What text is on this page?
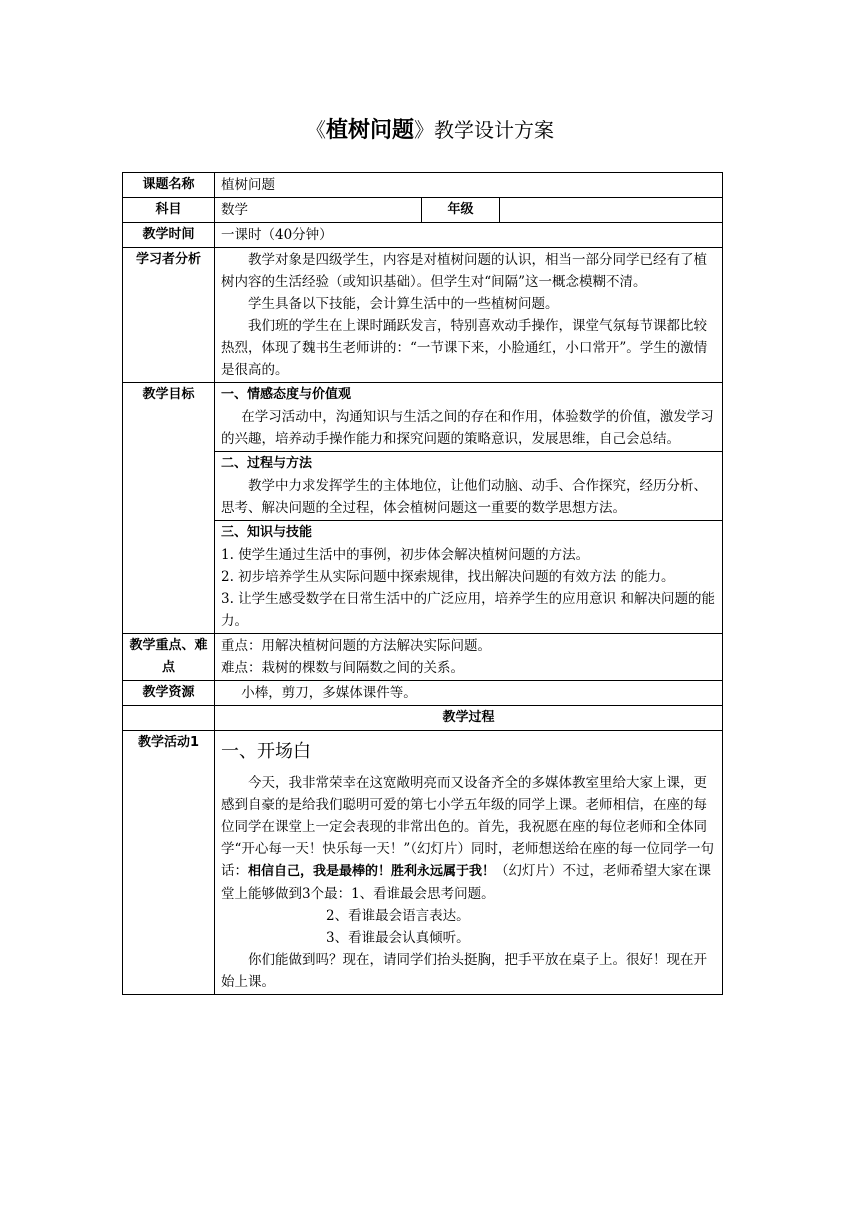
《植树问题》教学设计方案
课题名称	植树问题		
科目	数学	年级	
教学时间	一课时（40分钟）		
学习者分析	教学对象是四级学生，内容是对植树问题的认识，相当一部分同学已经有了植树内容的生活经验（或知识基础）。但学生对“间隔”这一概念模糊不清。

学生具备以下技能，会计算生活中的一些植树问题。

我们班的学生在上课时踊跃发言，特别喜欢动手操作，课堂气氛每节课都比较热烈，体现了魏书生老师讲的：“一节课下来，小脸通红，小口常开”。学生的激情是很高的。		

教学目标	一、情感态度与价值观

在学习活动中，沟通知识与生活之间的存在和作用，体验数学的价值，激发学习的兴趣，培养动手操作能力和探究问题的策略意识，发展思维，自己会总结。		

	二、过程与方法

教学中力求发挥学生的主体地位，让他们动脑、动手、合作探究，经历分析、思考、解决问题的全过程，体会植树问题这一重要的数学思想方法。		

	三、知识与技能

1. 使学生通过生活中的事例，初步体会解决植树问题的方法。

2. 初步培养学生从实际问题中探索规律，找出解决问题的有效方法 的能力。

3. 让学生感受数学在日常生活中的广泛应用，培养学生的应用意识 和解决问题的能力。		

教学重点、难点	重点：用解决植树问题的方法解决实际问题。

难点：栽树的棵数与间隔数之间的关系。		

教学资源	小棒，剪刀，多媒体课件等。		
	教学过程		
教学活动1	一、开场白

今天，我非常荣幸在这宽敞明亮而又设备齐全的多媒体教室里给大家上课，更感到自豪的是给我们聪明可爱的第七小学五年级的同学上课。老师相信，在座的每位同学在课堂上一定会表现的非常出色的。首先，我祝愿在座的每位老师和全体同学“开心每一天！快乐每一天！”（幻灯片）同时，老师想送给在座的每一位同学一句话：相信自己，我是最棒的！胜利永远属于我！（幻灯片）不过，老师希望大家在课堂上能够做到3个最：1、看谁最会思考问题。

2、看谁最会语言表达。

3、看谁最会认真倾听。

你们能做到吗？现在，请同学们抬头挺胸，把手平放在桌子上。很好！现在开始上课。		
